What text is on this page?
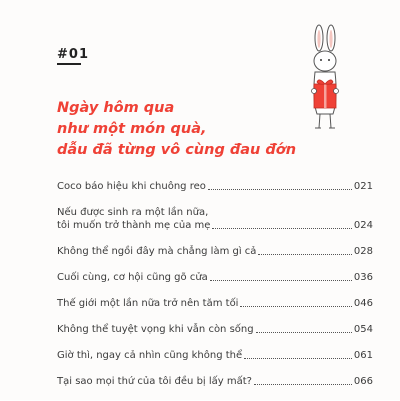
#01
Ngày hôm qua
như một món quà,
dẫu đã từng vô cùng đau đớn
Coco báo hiệu khi chuông reo	021
Nếu được sinh ra một lần nữa,
tôi muốn trở thành mẹ của mẹ	024
Không thể ngồi đây mà chẳng làm gì cả	028
Cuối cùng, cơ hội cũng gõ cửa	036
Thế giới một lần nữa trở nên tăm tối	046
Không thể tuyệt vọng khi vẫn còn sống	054
Giờ thì, ngay cả nhìn cũng không thể	061
Tại sao mọi thứ của tôi đều bị lấy mất?	066
